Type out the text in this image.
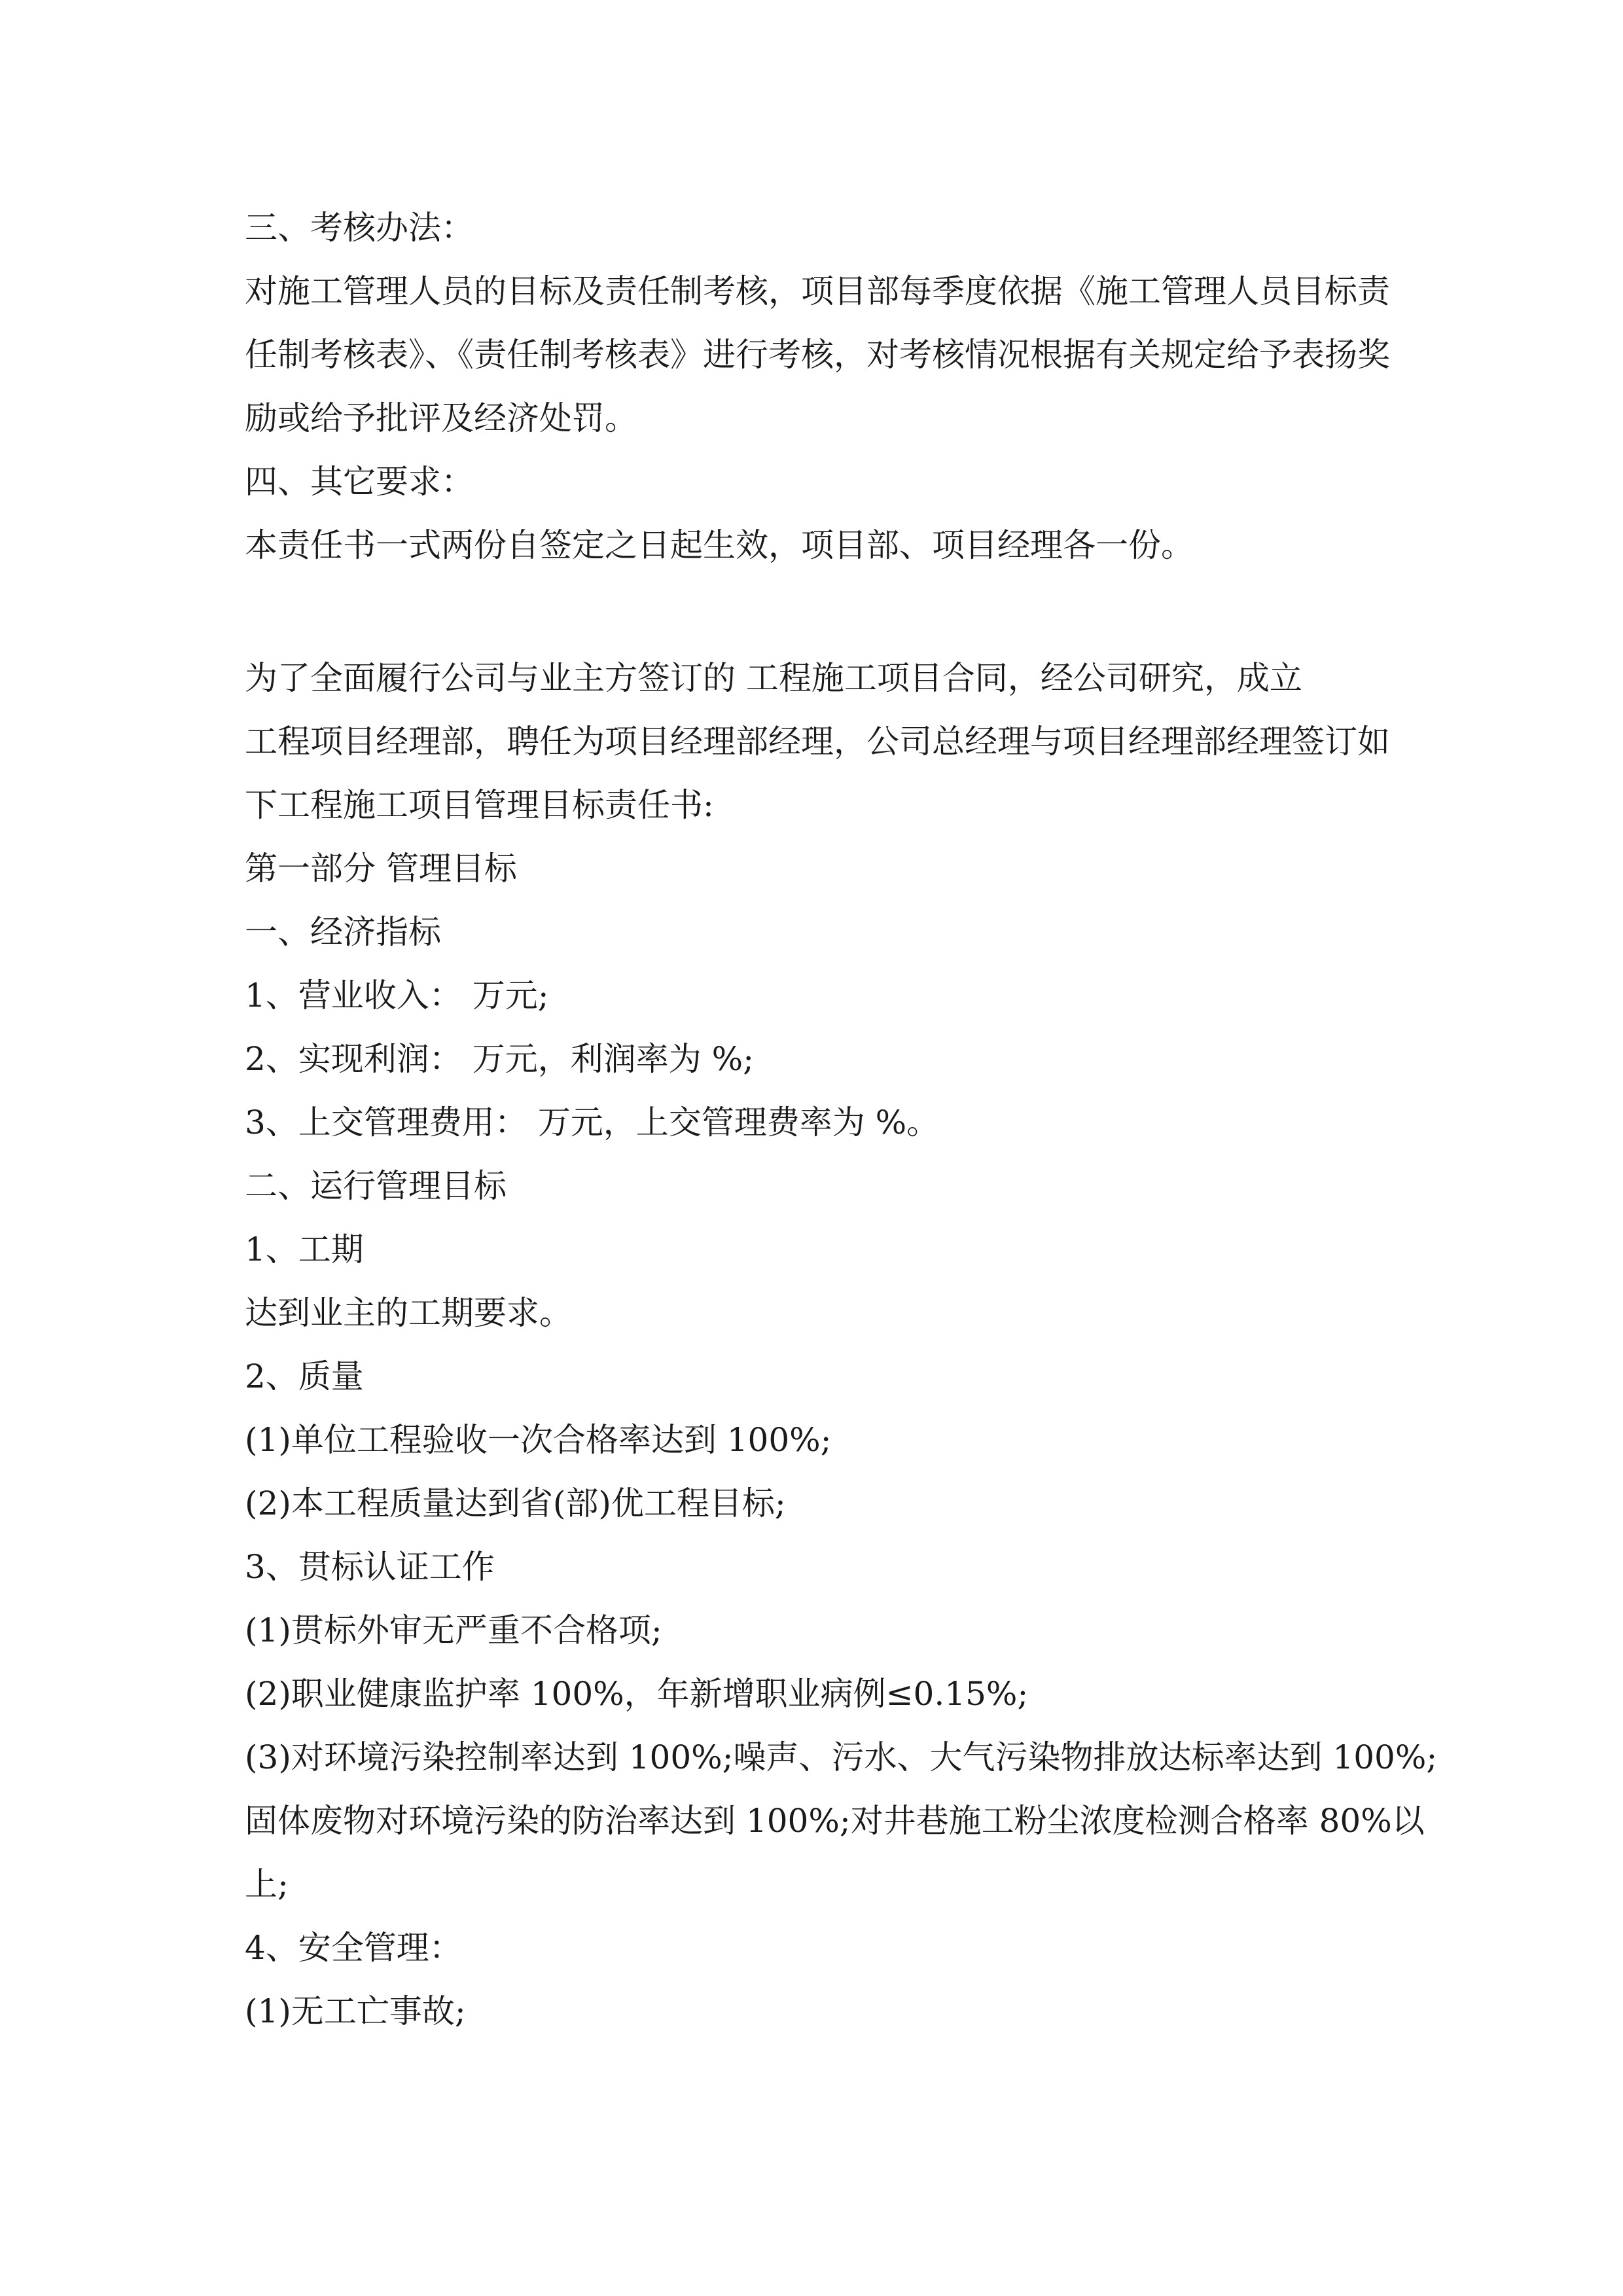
三、考核办法：
对施工管理人员的目标及责任制考核，项目部每季度依据《施工管理人员目标责
任制考核表》、《责任制考核表》进行考核，对考核情况根据有关规定给予表扬奖
励或给予批评及经济处罚。
四、其它要求：
本责任书一式两份自签定之日起生效，项目部、项目经理各一份。
为了全面履行公司与业主方签订的 工程施工项目合同，经公司研究，成立
工程项目经理部，聘任为项目经理部经理，公司总经理与项目经理部经理签订如
下工程施工项目管理目标责任书:
第一部分 管理目标
一、经济指标
1、营业收入： 万元;
2、实现利润： 万元，利润率为 %;
3、上交管理费用： 万元，上交管理费率为 %。
二、运行管理目标
1、工期
达到业主的工期要求。
2、质量
(1)单位工程验收一次合格率达到 100%;
(2)本工程质量达到省(部)优工程目标;
3、贯标认证工作
(1)贯标外审无严重不合格项;
(2)职业健康监护率 100%，年新增职业病例≤0.15%;
(3)对环境污染控制率达到 100%;噪声、污水、大气污染物排放达标率达到 100%;
固体废物对环境污染的防治率达到 100%;对井巷施工粉尘浓度检测合格率 80%以
上;
4、安全管理：
(1)无工亡事故;
